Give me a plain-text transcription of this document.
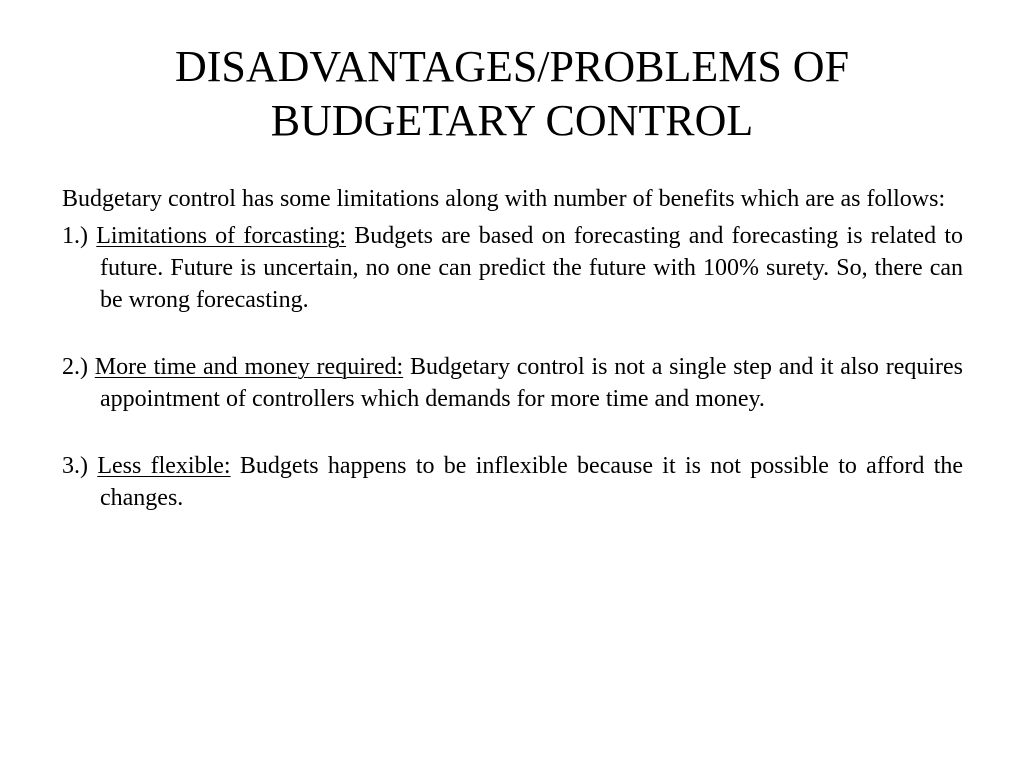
DISADVANTAGES/PROBLEMS OF BUDGETARY CONTROL

Budgetary control has some limitations along with number of benefits which are as follows:

1.) Limitations of forcasting: Budgets are based on forecasting and forecasting is related to future. Future is uncertain, no one can predict the future with 100% surety. So, there can be wrong forecasting.

2.) More time and money required: Budgetary control is not a single step and it also requires appointment of controllers which demands for more time and money.

3.) Less flexible: Budgets happens to be inflexible because it is not possible to afford the changes.
